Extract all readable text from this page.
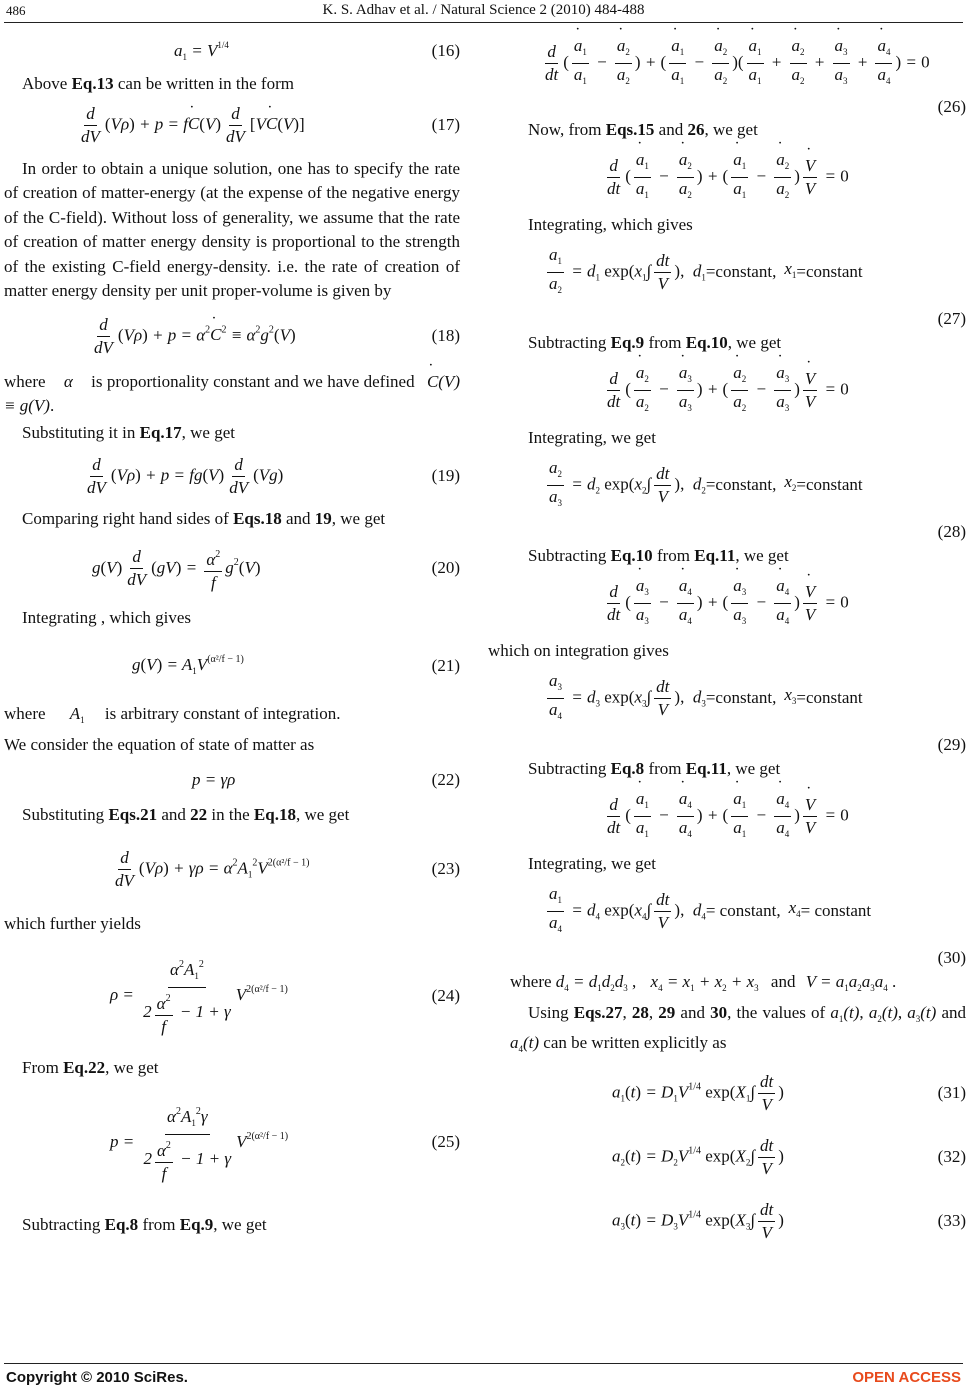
486	K. S. Adhav et al. / Natural Science 2 (2010) 484-488
$a_1 = V^{1/4}$	(16)

Above Eq.13 can be written in the form

$\frac{d}{dV} (V\rho) + p$ = f˙ $C(V) \frac{d}{dV}$ [V˙ C(V)]	(17)

In order to obtain a unique solution, one has to specify the rate of creation of matter-energy (at the expense of the negative energy of the C-field). Without loss of generality, we assume that the rate of creation of matter energy density is proportional to the strength of the existing C-field energy-density. i.e. the rate of creation of matter energy density per unit proper-volume is given by

$\frac{d}{dV} (V\rho) + p$ = $\alpha^2˙$ $C^2 \equiv \alpha^2g^2(V)$	(18)

where α is proportionality constant and we have defined ˙ C(V) ≡ g(V).

Substituting it in Eq.17, we get

$\frac{d}{dV} (V\rho) + p = fg(V) \frac{d}{dV} (Vg)$	(19)

Comparing right hand sides of Eqs.18 and 19, we get

$g(V) \frac{d}{dV} (gV) = \frac{\alpha^2}{f} g^2(V)$	(20)

Integrating , which gives

$g(V) = A_1V^{(\alpha^2/f - 1)}$	(21)

where $A_1$ is arbitrary constant of integration.

We consider the equation of state of matter as

p = γρ	(22)

Substituting Eqs.21 and 22 in the Eq.18, we get

$\frac{d}{dV} (V\rho) + \gamma\rho = \alpha^2A_1^2V^{2(\alpha^2/f - 1)}$	(23)

which further yields

$\rho = \frac{\alpha^2A_1^2}{2 \frac{\alpha^2}{f} - 1 + \gamma} V^{2(\alpha^2/f - 1)}$	(24)

From Eq.22, we get

$p = \frac{\alpha^2A_1^2\gamma}{2 \frac{\alpha^2}{f} - 1 + \gamma} V^{2(\alpha^2/f - 1)}$	(25)

Subtracting Eq.8 from Eq.9, we get

$\frac{d}{dt}$ ( ˙ $\frac{a_1}{a_1}$ − ˙ $\frac{a_2}{a_2}$ ) + ( ˙ $\frac{a_1}{a_1}$ − ˙ $\frac{a_2}{a_2}$ )( ˙ $\frac{a_1}{a_1}$ + ˙ $\frac{a_2}{a_2}$ + ˙ $\frac{a_3}{a_3}$ + ˙ $\frac{a_4}{a_4}$ ) = 0
(26)

Now, from Eqs.15 and 26, we get

$\frac{d}{dt}$ ( ˙ $\frac{a_1}{a_1}$ − ˙ $\frac{a_2}{a_2}$ ) + ( ˙ $\frac{a_1}{a_1}$ − ˙ $\frac{a_2}{a_2}$ ) ˙ $\frac{V}{V} = 0$

Integrating, which gives

$\frac{a_1}{a_2} = d_1$ $\exp(x_1\int \frac{dt}{V}$ ),  $d_1$ =constant, $x_1$ =constant
(27)

Subtracting Eq.9 from Eq.10, we get

$\frac{d}{dt}$ ( ˙ $\frac{a_2}{a_2}$ − ˙ $\frac{a_3}{a_3}$ ) + ( ˙ $\frac{a_2}{a_2}$ − ˙ $\frac{a_3}{a_3}$ ) ˙ $\frac{V}{V} = 0$

Integrating, we get

$\frac{a_2}{a_3} = d_2$ $\exp(x_2\int \frac{dt}{V}$ ),  $d_2$ =constant, $x_2$ =constant
(28)

Subtracting Eq.10 from Eq.11, we get

$\frac{d}{dt}$ ( ˙ $\frac{a_3}{a_3}$ − ˙ $\frac{a_4}{a_4}$ ) + ( ˙ $\frac{a_3}{a_3}$ − ˙ $\frac{a_4}{a_4}$ ) ˙ $\frac{V}{V} = 0$

which on integration gives

$\frac{a_3}{a_4} = d_3$ $\exp(x_3\int \frac{dt}{V}$ ),  $d_3$ =constant, $x_3$ =constant
(29)

Subtracting Eq.8 from Eq.11, we get

$\frac{d}{dt}$ ( ˙ $\frac{a_1}{a_1}$ − ˙ $\frac{a_4}{a_4}$ ) + ( ˙ $\frac{a_1}{a_1}$ − ˙ $\frac{a_4}{a_4}$ ) ˙ $\frac{V}{V} = 0$

Integrating, we get

$\frac{a_1}{a_4} = d_4$ $\exp(x_4\int \frac{dt}{V}$ ),  $d_4$ = constant, $x_4$ = constant
(30)

where $d_4 = d_1d_2d_3$ , $x_4 = x_1 + x_2 + x_3$ and $V = a_1a_2a_3a_4$ .

Using Eqs.27, 28, 29 and 30, the values of $a_1(t)$, $a_2(t)$, $a_3(t)$ and $a_4(t)$ can be written explicitly as

$a_1(t) = D_1V^{1/4}$ $\exp(X_1\int \frac{dt}{V}$ )	(31)
$a_2(t) = D_2V^{1/4}$ $\exp(X_2\int \frac{dt}{V}$ )	(32)
$a_3(t) = D_3V^{1/4}$ $\exp(X_3\int \frac{dt}{V}$ )	(33)
Copyright © 2010 SciRes.	OPEN ACCESS
